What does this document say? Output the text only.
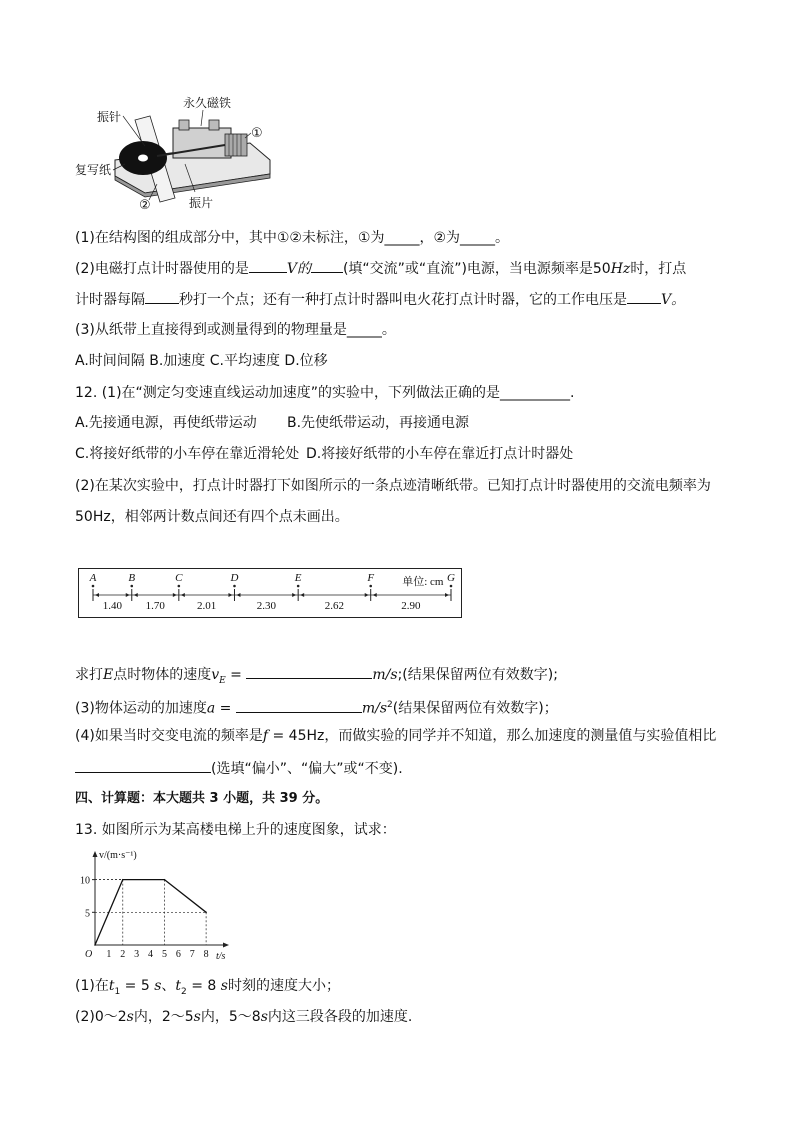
振针
永久磁铁
①
复写纸
②	振片
(1)在结构图的组成部分中，其中①②未标注，①为_____，②为_____。
(2)电磁打点计时器使用的是	V的 (填“交流”或“直流”)电源，当电源频率是50Hz时，打点
计时器每隔 秒打一个点；还有一种打点计时器叫电火花打点计时器，它的工作电压是 V。
(3)从纸带上直接得到或测量得到的物理量是_____。
A.时间间隔 B.加速度 C.平均速度 D.位移
12. (1)在“测定匀变速直线运动加速度”的实验中，下列做法正确的是__________.
A.先接通电源，再使纸带运动 B.先使纸带运动，再接通电源
C.将接好纸带的小车停在靠近滑轮处 D.将接好纸带的小车停在靠近打点计时器处
(2)在某次实验中，打点计时器打下如图所示的一条点迹清晰纸带。已知打点计时器使用的交流电频率为
50Hz，相邻两计数点间还有四个点未画出。
A	B	C	D	E	F	G
1.40 1.70	2.01	2.30	2.62	2.90
单位: cm
求打E点时物体的速度$v_E$ =	m/s;(结果保留两位有效数字);
(3)物体运动的加速度a =	$m/s^2$(结果保留两位有效数字)；
(4)如果当时交变电流的频率是f = 45Hz，而做实验的同学并不知道，那么加速度的测量值与实验值相比
(选填“偏小”、“偏大”或“不变).
四、计算题：本大题共 3 小题，共 39 分。
13. 如图所示为某高楼电梯上升的速度图象，试求：
v/(m·s⁻¹)
t/s
O 1 2 3 4 5 6 7 8
5
10
(1)在$t_1 = 5$ s、$t_2 = 8$ s时刻的速度大小；
(2)0～2s内，2～5s内，5～8s内这三段各段的加速度.
